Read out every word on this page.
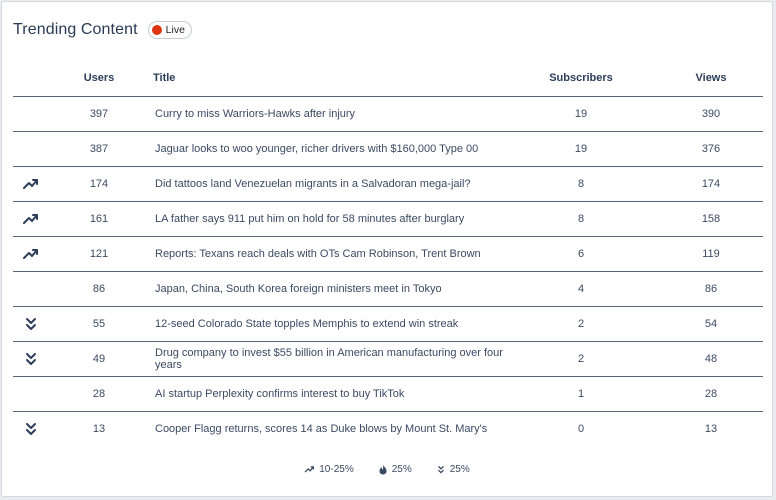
Trending Content	Live
	Users	Title	Subscribers	Views
	397	Curry to miss Warriors-Hawks after injury	19	390
	387	Jaguar looks to woo younger, richer drivers with $160,000 Type 00	19	376
	174	Did tattoos land Venezuelan migrants in a Salvadoran mega-jail?	8	174
	161	LA father says 911 put him on hold for 58 minutes after burglary	8	158
	121	Reports: Texans reach deals with OTs Cam Robinson, Trent Brown	6	119
	86	Japan, China, South Korea foreign ministers meet in Tokyo	4	86
	55	12-seed Colorado State topples Memphis to extend win streak	2	54
	49	Drug company to invest $55 billion in American manufacturing over four years	2	48
	28	AI startup Perplexity confirms interest to buy TikTok	1	28
	13	Cooper Flagg returns, scores 14 as Duke blows by Mount St. Mary's	0	13
10-25%	25%	25%
